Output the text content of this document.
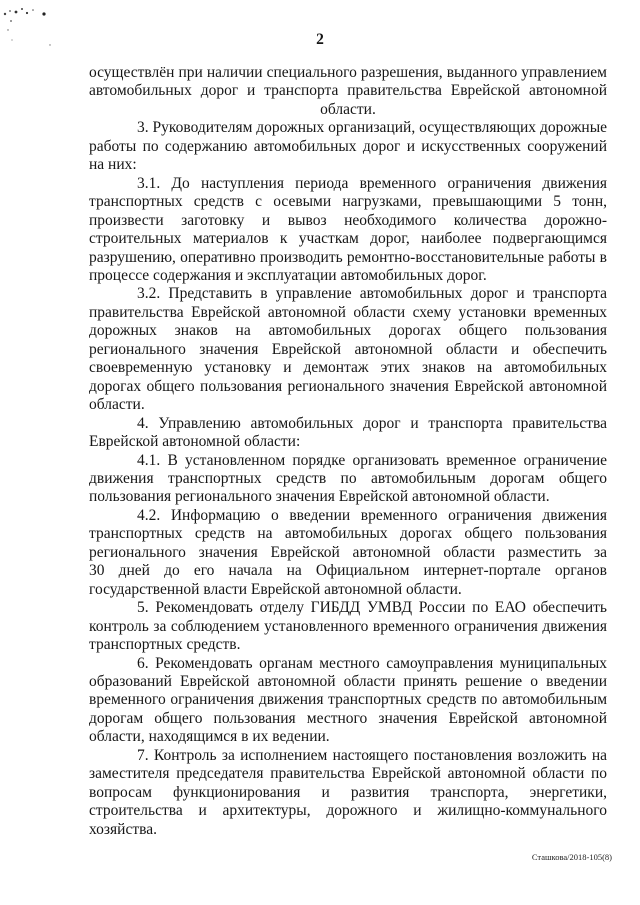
2
осуществлён при наличии специального разрешения, выданного управлением
автомобильных дорог и транспорта правительства Еврейской автономной
области.
3. Руководителям дорожных организаций, осуществляющих дорожные
работы по содержанию автомобильных дорог и искусственных сооружений
на них:
3.1. До наступления периода временного ограничения движения
транспортных средств с осевыми нагрузками, превышающими 5 тонн,
произвести заготовку и вывоз необходимого количества дорожно-
строительных материалов к участкам дорог, наиболее подвергающимся
разрушению, оперативно производить ремонтно-восстановительные работы в
процессе содержания и эксплуатации автомобильных дорог.
3.2. Представить в управление автомобильных дорог и транспорта
правительства Еврейской автономной области схему установки временных
дорожных знаков на автомобильных дорогах общего пользования
регионального значения Еврейской автономной области и обеспечить
своевременную установку и демонтаж этих знаков на автомобильных
дорогах общего пользования регионального значения Еврейской автономной
области.
4. Управлению автомобильных дорог и транспорта правительства
Еврейской автономной области:
4.1. В установленном порядке организовать временное ограничение
движения транспортных средств по автомобильным дорогам общего
пользования регионального значения Еврейской автономной области.
4.2. Информацию о введении временного ограничения движения
транспортных средств на автомобильных дорогах общего пользования
регионального значения Еврейской автономной области разместить за
30 дней до его начала на Официальном интернет-портале органов
государственной власти Еврейской автономной области.
5. Рекомендовать отделу ГИБДД УМВД России по ЕАО обеспечить
контроль за соблюдением установленного временного ограничения движения
транспортных средств.
6. Рекомендовать органам местного самоуправления муниципальных
образований Еврейской автономной области принять решение о введении
временного ограничения движения транспортных средств по автомобильным
дорогам общего пользования местного значения Еврейской автономной
области, находящимся в их ведении.
7. Контроль за исполнением настоящего постановления возложить на
заместителя председателя правительства Еврейской автономной области по
вопросам функционирования и развития транспорта, энергетики,
строительства и архитектуры, дорожного и жилищно-коммунального
хозяйства.
Сташкова/2018-105(8)
